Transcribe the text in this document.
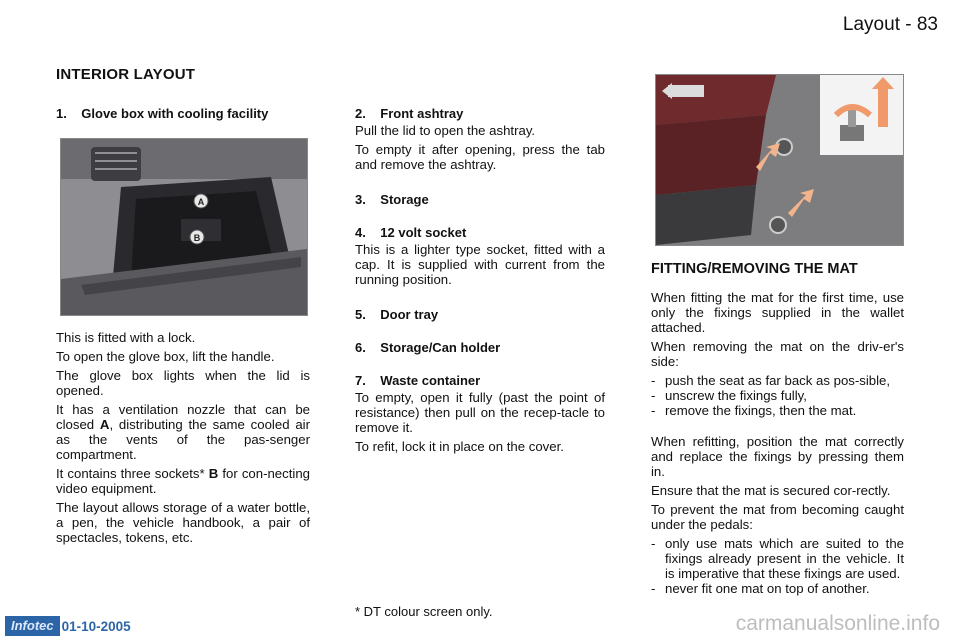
Layout - 83
INTERIOR LAYOUT
1.    Glove box with cooling facility
A
B

This is fitted with a lock.

To open the glove box, lift the handle.

The glove box lights when the lid is opened.

It has a ventilation nozzle that can be closed A, distributing the same cooled air as the vents of the pas-senger compartment.

It contains three sockets* B for con-necting video equipment.

The layout allows storage of a water bottle, a pen, the vehicle handbook, a pair of spectacles, tokens, etc.

2.    Front ashtray

Pull the lid to open the ashtray.

To empty it after opening, press the tab and remove the ashtray.

3.    Storage
4.    12 volt socket

This is a lighter type socket, fitted with a cap. It is supplied with current from the running position.

5.    Door tray
6.    Storage/Can holder
7.    Waste container

To empty, open it fully (past the point of resistance) then pull on the recep-tacle to remove it.

To refit, lock it in place on the cover.

FITTING/REMOVING THE MAT

When fitting the mat for the first time, use only the fixings supplied in the wallet attached.

When removing the mat on the driv-er's side:

- push the seat as far back as pos-sible,
- unscrew the fixings fully,
- remove the fixings, then the mat.

When refitting, position the mat correctly and replace the fixings by pressing them in.

Ensure that the mat is secured cor-rectly.

To prevent the mat from becoming caught under the pedals:

- only use mats which are suited to the fixings already present in the vehicle. It is imperative that these fixings are used.
- never fit one mat on top of another.
* DT colour screen only.
Infotec 01-10-2005	carmanualsonline.info
